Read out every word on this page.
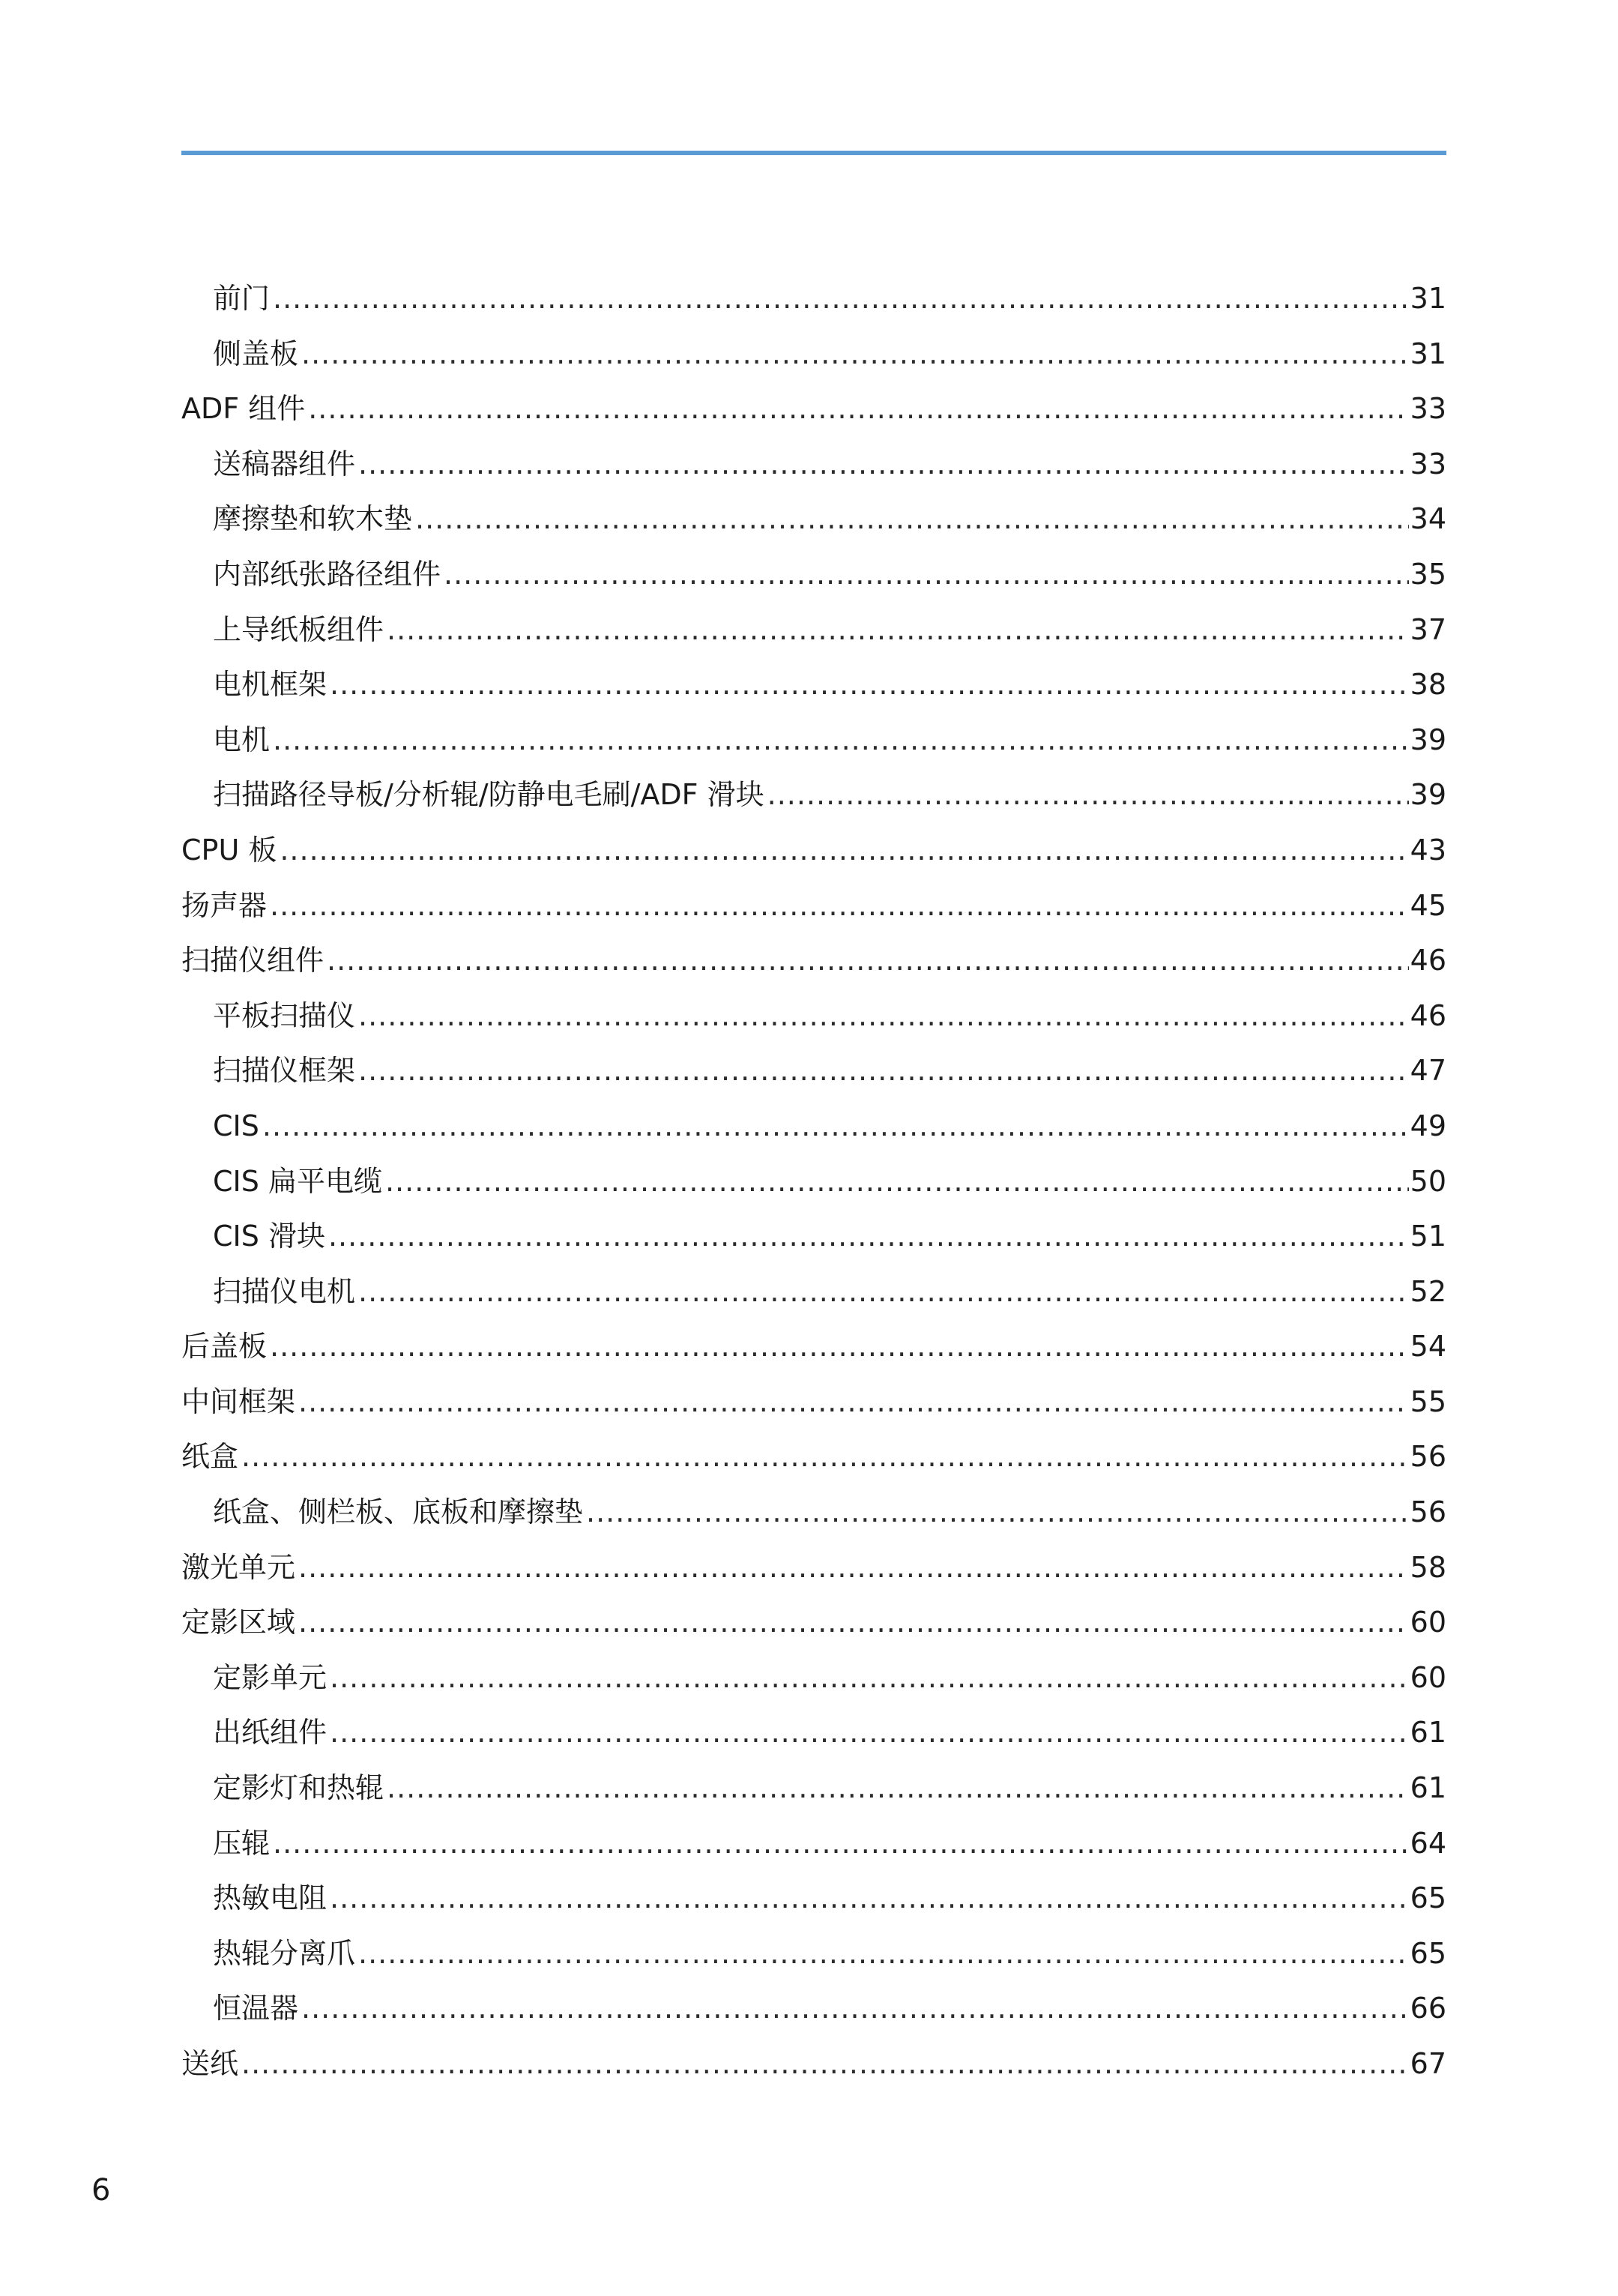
前门 .....	31
侧盖板 .....	31
ADF 组件 .....	33
送稿器组件 .....	33
摩擦垫和软木垫 .....	34
内部纸张路径组件 .....	35
上导纸板组件 .....	37
电机框架 .....	38
电机 .....	39
扫描路径导板/分析辊/防静电毛刷/ADF 滑块 .....	39
CPU 板 .....	43
扬声器 .....	45
扫描仪组件 .....	46
平板扫描仪 .....	46
扫描仪框架 .....	47
CIS .....	49
CIS 扁平电缆 .....	50
CIS 滑块 .....	51
扫描仪电机 .....	52
后盖板 .....	54
中间框架 .....	55
纸盒 .....	56
纸盒、侧栏板、底板和摩擦垫 .....	56
激光单元 .....	58
定影区域 .....	60
定影单元 .....	60
出纸组件 .....	61
定影灯和热辊 .....	61
压辊 .....	64
热敏电阻 .....	65
热辊分离爪 .....	65
恒温器 .....	66
送纸 .....	67
6
